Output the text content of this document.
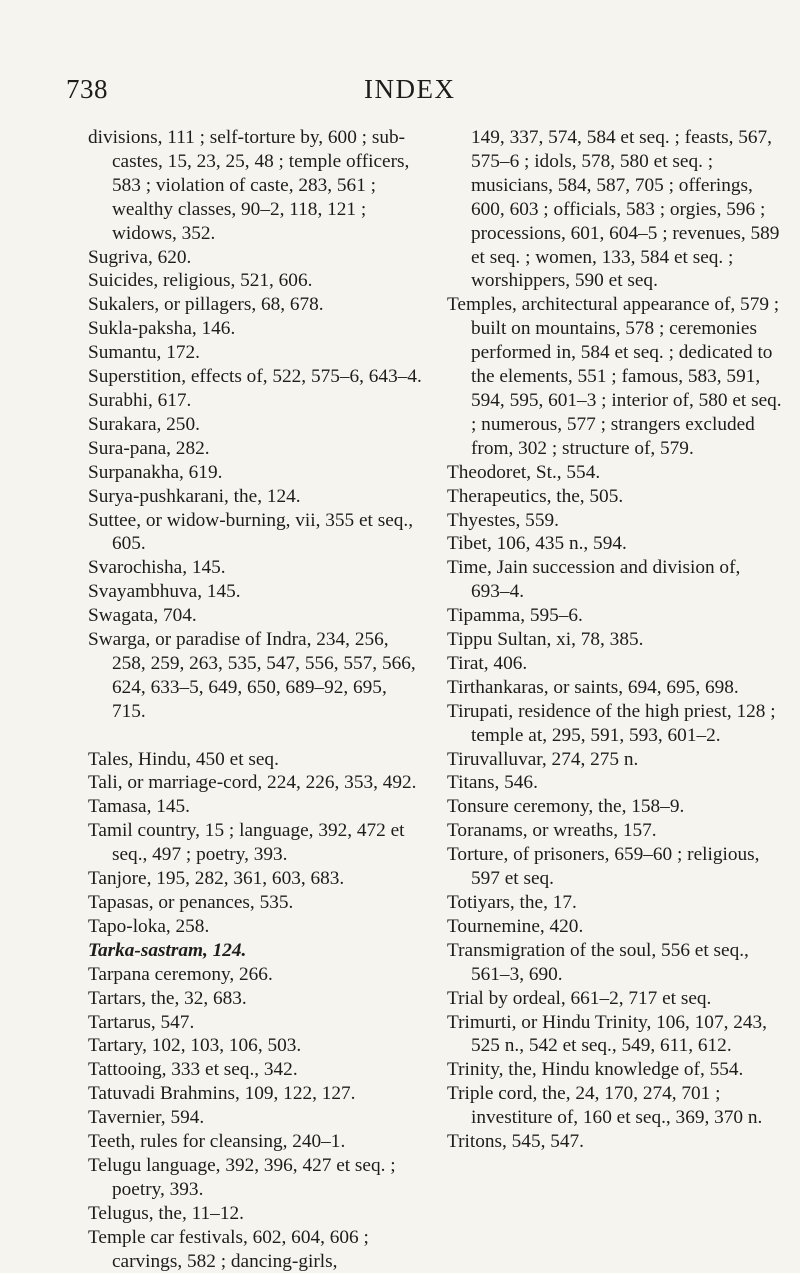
738	INDEX

divisions, 111 ; self-torture by, 600 ; sub-castes, 15, 23, 25, 48 ; temple officers, 583 ; violation of caste, 283, 561 ; wealthy classes, 90–2, 118, 121 ; widows, 352.

Sugriva, 620.

Suicides, religious, 521, 606.

Sukalers, or pillagers, 68, 678.

Sukla-paksha, 146.

Sumantu, 172.

Superstition, effects of, 522, 575–6, 643–4.

Surabhi, 617.

Surakara, 250.

Sura-pana, 282.

Surpanakha, 619.

Surya-pushkarani, the, 124.

Suttee, or widow-burning, vii, 355 et seq., 605.

Svarochisha, 145.

Svayambhuva, 145.

Swagata, 704.

Swarga, or paradise of Indra, 234, 256, 258, 259, 263, 535, 547, 556, 557, 566, 624, 633–5, 649, 650, 689–92, 695, 715.

Tales, Hindu, 450 et seq.

Tali, or marriage-cord, 224, 226, 353, 492.

Tamasa, 145.

Tamil country, 15 ; language, 392, 472 et seq., 497 ; poetry, 393.

Tanjore, 195, 282, 361, 603, 683.

Tapasas, or penances, 535.

Tapo-loka, 258.

Tarka-sastram, 124.

Tarpana ceremony, 266.

Tartars, the, 32, 683.

Tartarus, 547.

Tartary, 102, 103, 106, 503.

Tattooing, 333 et seq., 342.

Tatuvadi Brahmins, 109, 122, 127.

Tavernier, 594.

Teeth, rules for cleansing, 240–1.

Telugu language, 392, 396, 427 et seq. ; poetry, 393.

Telugus, the, 11–12.

Temple car festivals, 602, 604, 606 ; carvings, 582 ; dancing-girls,

149, 337, 574, 584 et seq. ; feasts, 567, 575–6 ; idols, 578, 580 et seq. ; musicians, 584, 587, 705 ; offerings, 600, 603 ; officials, 583 ; orgies, 596 ; processions, 601, 604–5 ; revenues, 589 et seq. ; women, 133, 584 et seq. ; worshippers, 590 et seq.

Temples, architectural appearance of, 579 ; built on mountains, 578 ; ceremonies performed in, 584 et seq. ; dedicated to the elements, 551 ; famous, 583, 591, 594, 595, 601–3 ; interior of, 580 et seq. ; numerous, 577 ; strangers excluded from, 302 ; structure of, 579.

Theodoret, St., 554.

Therapeutics, the, 505.

Thyestes, 559.

Tibet, 106, 435 n., 594.

Time, Jain succession and division of, 693–4.

Tipamma, 595–6.

Tippu Sultan, xi, 78, 385.

Tirat, 406.

Tirthankaras, or saints, 694, 695, 698.

Tirupati, residence of the high priest, 128 ; temple at, 295, 591, 593, 601–2.

Tiruvalluvar, 274, 275 n.

Titans, 546.

Tonsure ceremony, the, 158–9.

Toranams, or wreaths, 157.

Torture, of prisoners, 659–60 ; religious, 597 et seq.

Totiyars, the, 17.

Tournemine, 420.

Transmigration of the soul, 556 et seq., 561–3, 690.

Trial by ordeal, 661–2, 717 et seq.

Trimurti, or Hindu Trinity, 106, 107, 243, 525 n., 542 et seq., 549, 611, 612.

Trinity, the, Hindu knowledge of, 554.

Triple cord, the, 24, 170, 274, 701 ; investiture of, 160 et seq., 369, 370 n.

Tritons, 545, 547.
